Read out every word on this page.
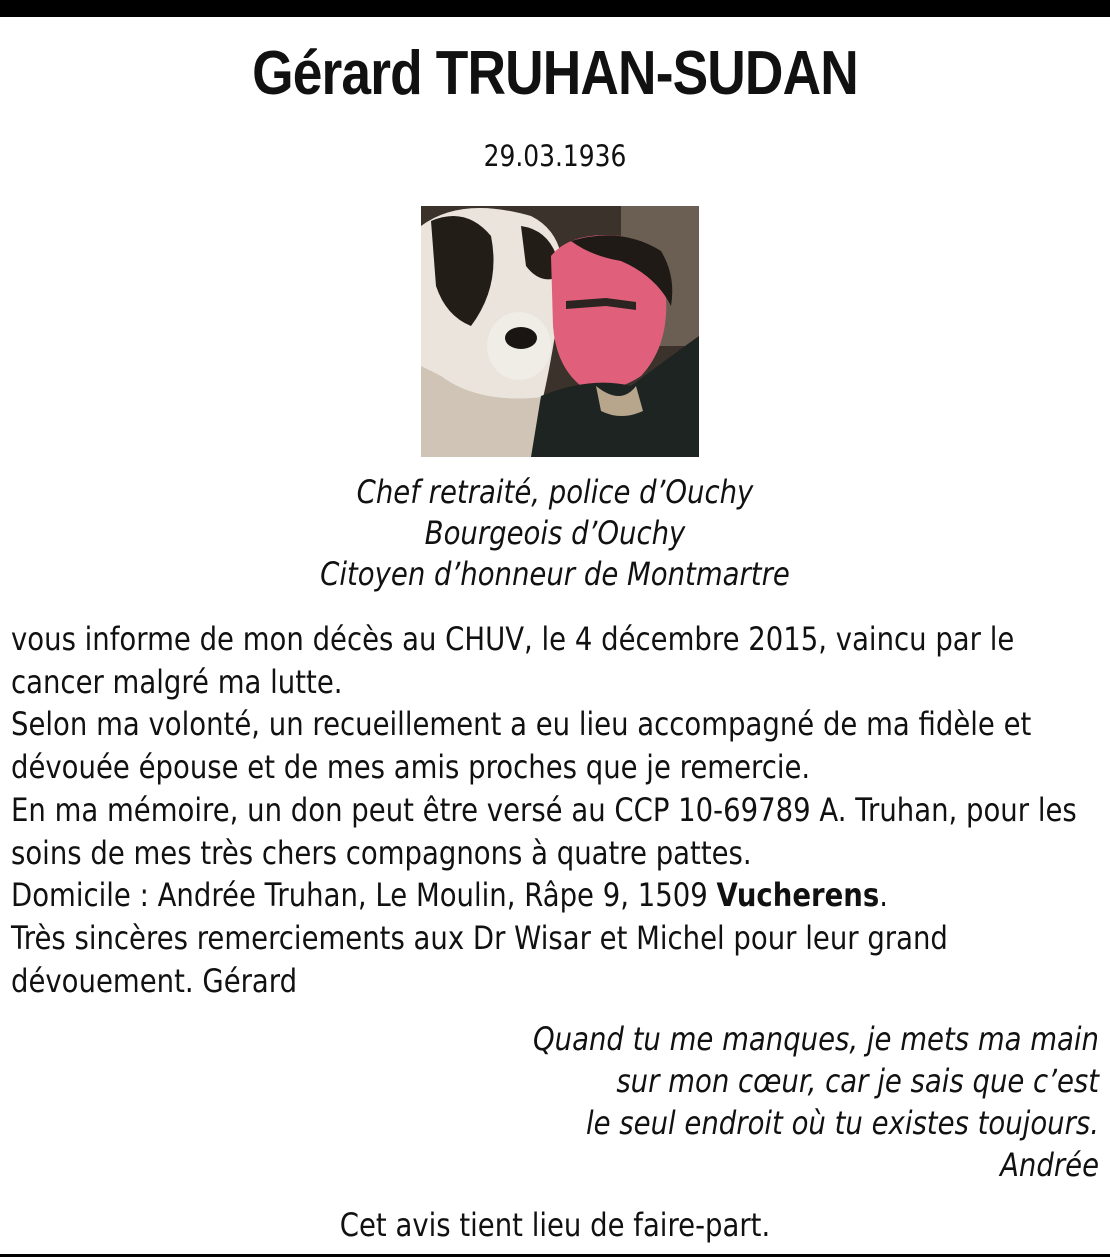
Gérard TRUHAN-SUDAN
29.03.1936
Chef retraité, police d’Ouchy
Bourgeois d’Ouchy
Citoyen d’honneur de Montmartre

vous informe de mon décès au CHUV, le 4 décembre 2015, vaincu par le cancer malgré ma lutte.

Selon ma volonté, un recueillement a eu lieu accompagné de ma fidèle et dévouée épouse et de mes amis proches que je remercie.

En ma mémoire, un don peut être versé au CCP 10-69789 A. Truhan, pour les soins de mes très chers compagnons à quatre pattes.

Domicile : Andrée Truhan, Le Moulin, Râpe 9, 1509 Vucherens.

Très sincères remerciements aux Dr Wisar et Michel pour leur grand dévouement. Gérard

Quand tu me manques, je mets ma main
sur mon cœur, car je sais que c’est
le seul endroit où tu existes toujours.
Andrée
Cet avis tient lieu de faire-part.
